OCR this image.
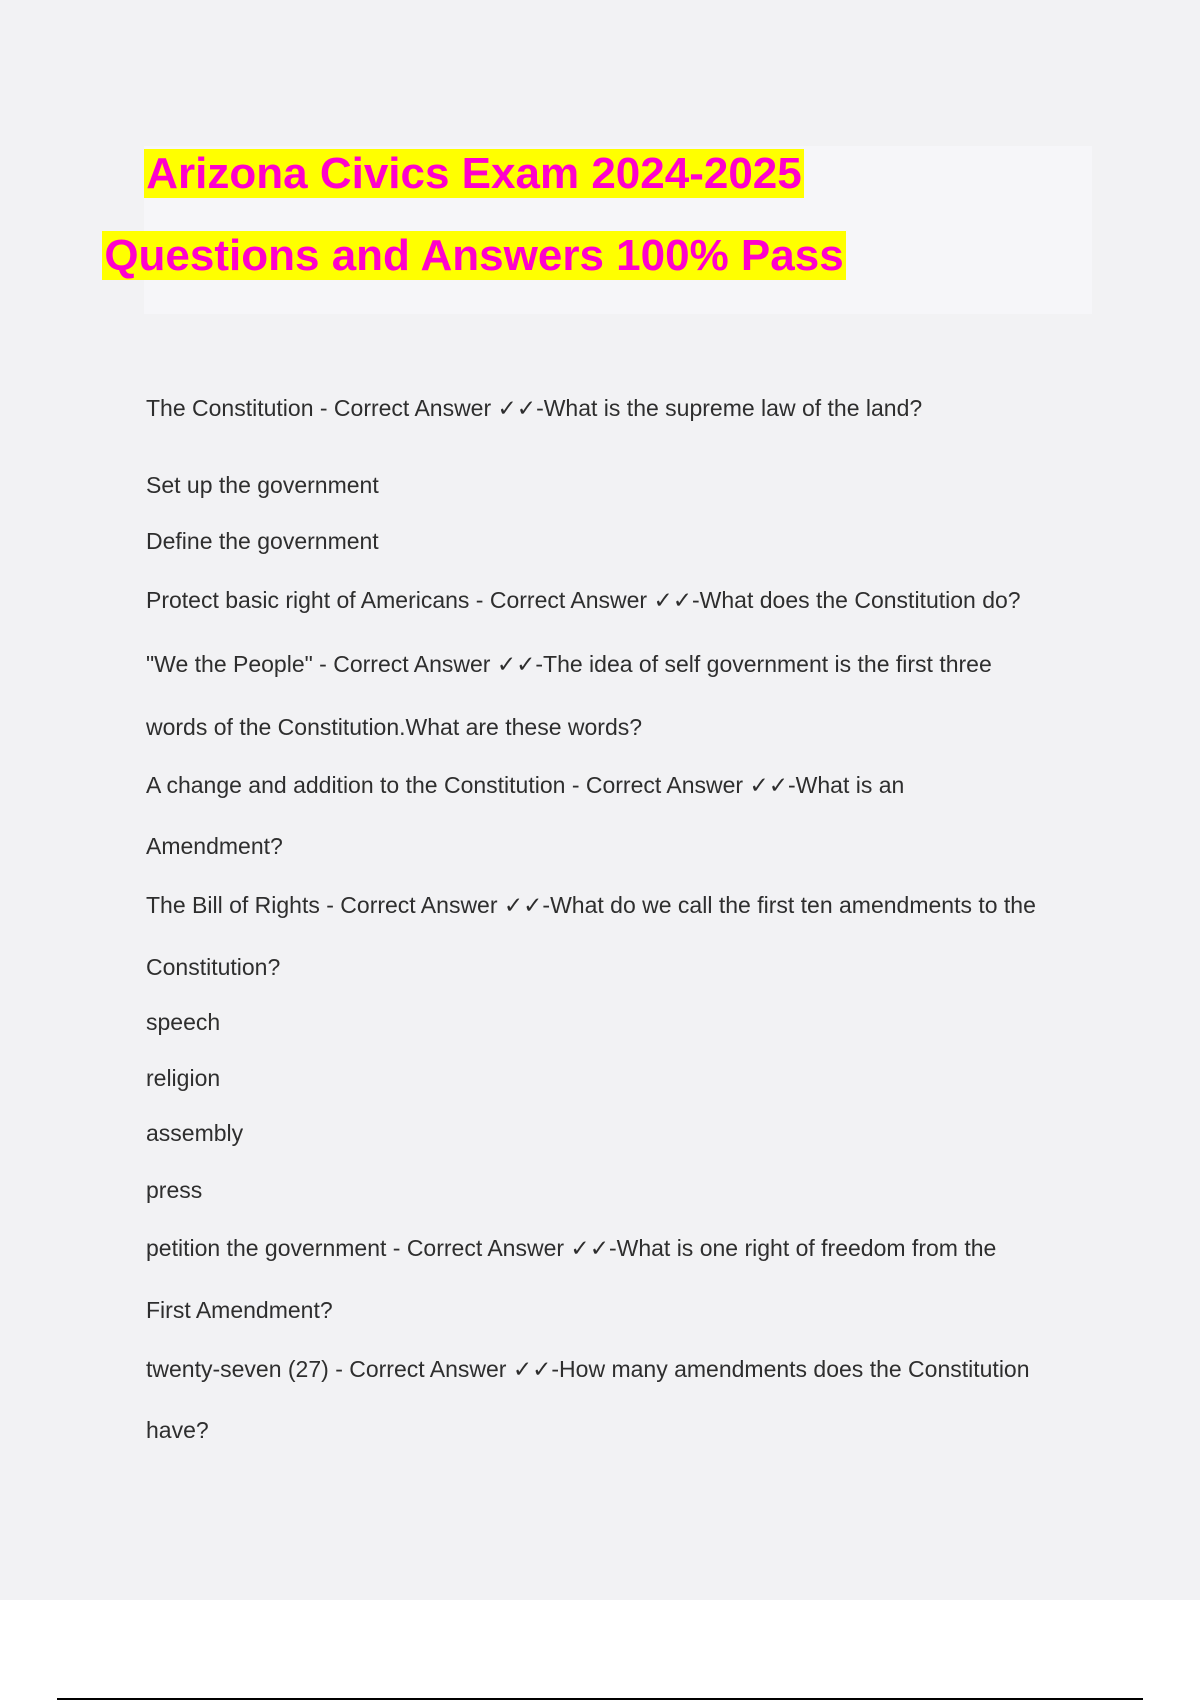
Arizona Civics Exam 2024-2025
Questions and Answers 100% Pass
The Constitution - Correct Answer ✓✓-What is the supreme law of the land?
Set up the government
Define the government
Protect basic right of Americans - Correct Answer ✓✓-What does the Constitution do?
"We the People" - Correct Answer ✓✓-The idea of self government is the first three
words of the Constitution.What are these words?
A change and addition to the Constitution - Correct Answer ✓✓-What is an
Amendment?
The Bill of Rights - Correct Answer ✓✓-What do we call the first ten amendments to the
Constitution?
speech
religion
assembly
press
petition the government - Correct Answer ✓✓-What is one right of freedom from the
First Amendment?
twenty-seven (27) - Correct Answer ✓✓-How many amendments does the Constitution
have?
